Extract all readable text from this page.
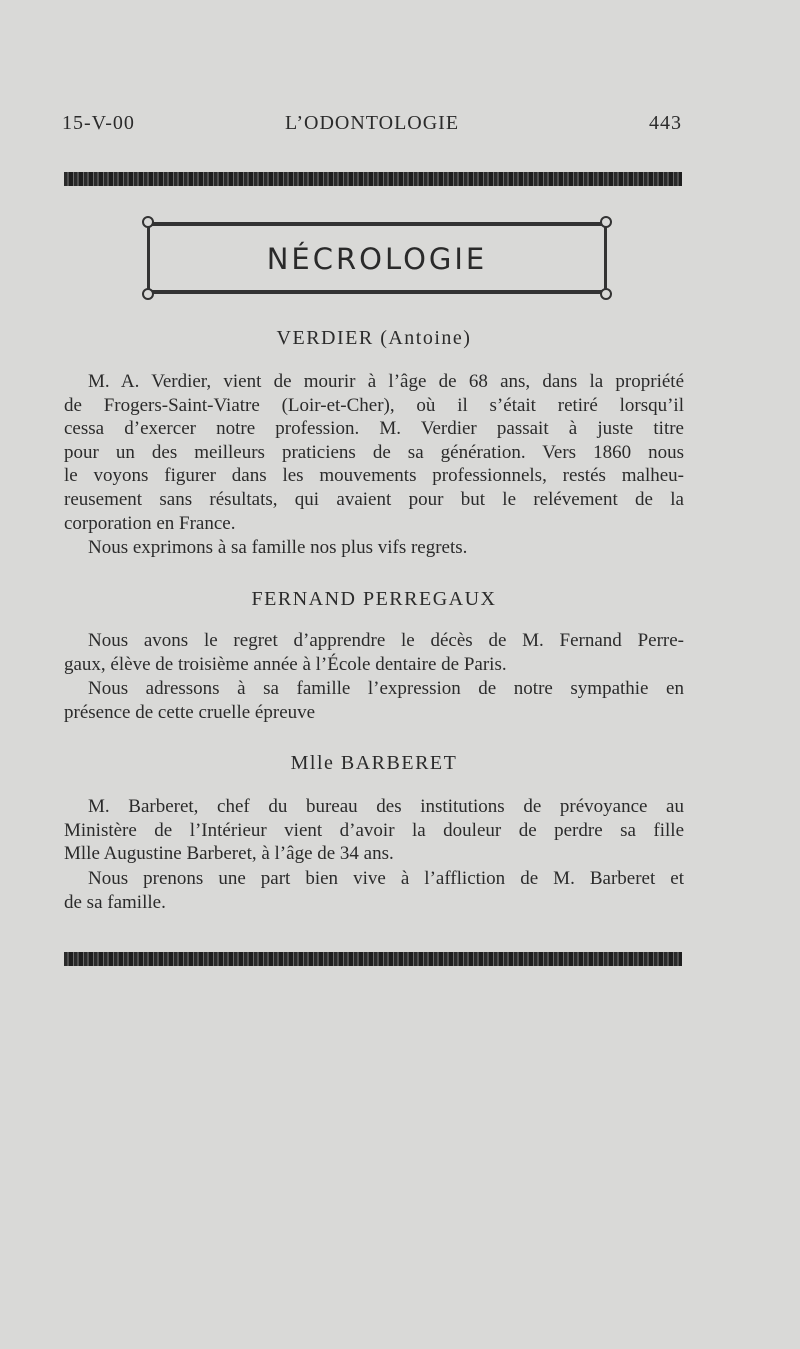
15-V-00	L’ODONTOLOGIE	443
NÉCROLOGIE
VERDIER (Antoine)
M. A. Verdier, vient de mourir à l’âge de 68 ans, dans la propriété
de Frogers-Saint-Viatre (Loir-et-Cher), où il s’était retiré lorsqu’il
cessa d’exercer notre profession. M. Verdier passait à juste titre
pour un des meilleurs praticiens de sa génération. Vers 1860 nous
le voyons figurer dans les mouvements professionnels, restés malheu-
reusement sans résultats, qui avaient pour but le relévement de la
corporation en France.
Nous exprimons à sa famille nos plus vifs regrets.
FERNAND PERREGAUX
Nous avons le regret d’apprendre le décès de M. Fernand Perre-
gaux, élève de troisième année à l’École dentaire de Paris.
Nous adressons à sa famille l’expression de notre sympathie en
présence de cette cruelle épreuve
Mlle BARBERET
M. Barberet, chef du bureau des institutions de prévoyance au
Ministère de l’Intérieur vient d’avoir la douleur de perdre sa fille
Mlle Augustine Barberet, à l’âge de 34 ans.
Nous prenons une part bien vive à l’affliction de M. Barberet et
de sa famille.
